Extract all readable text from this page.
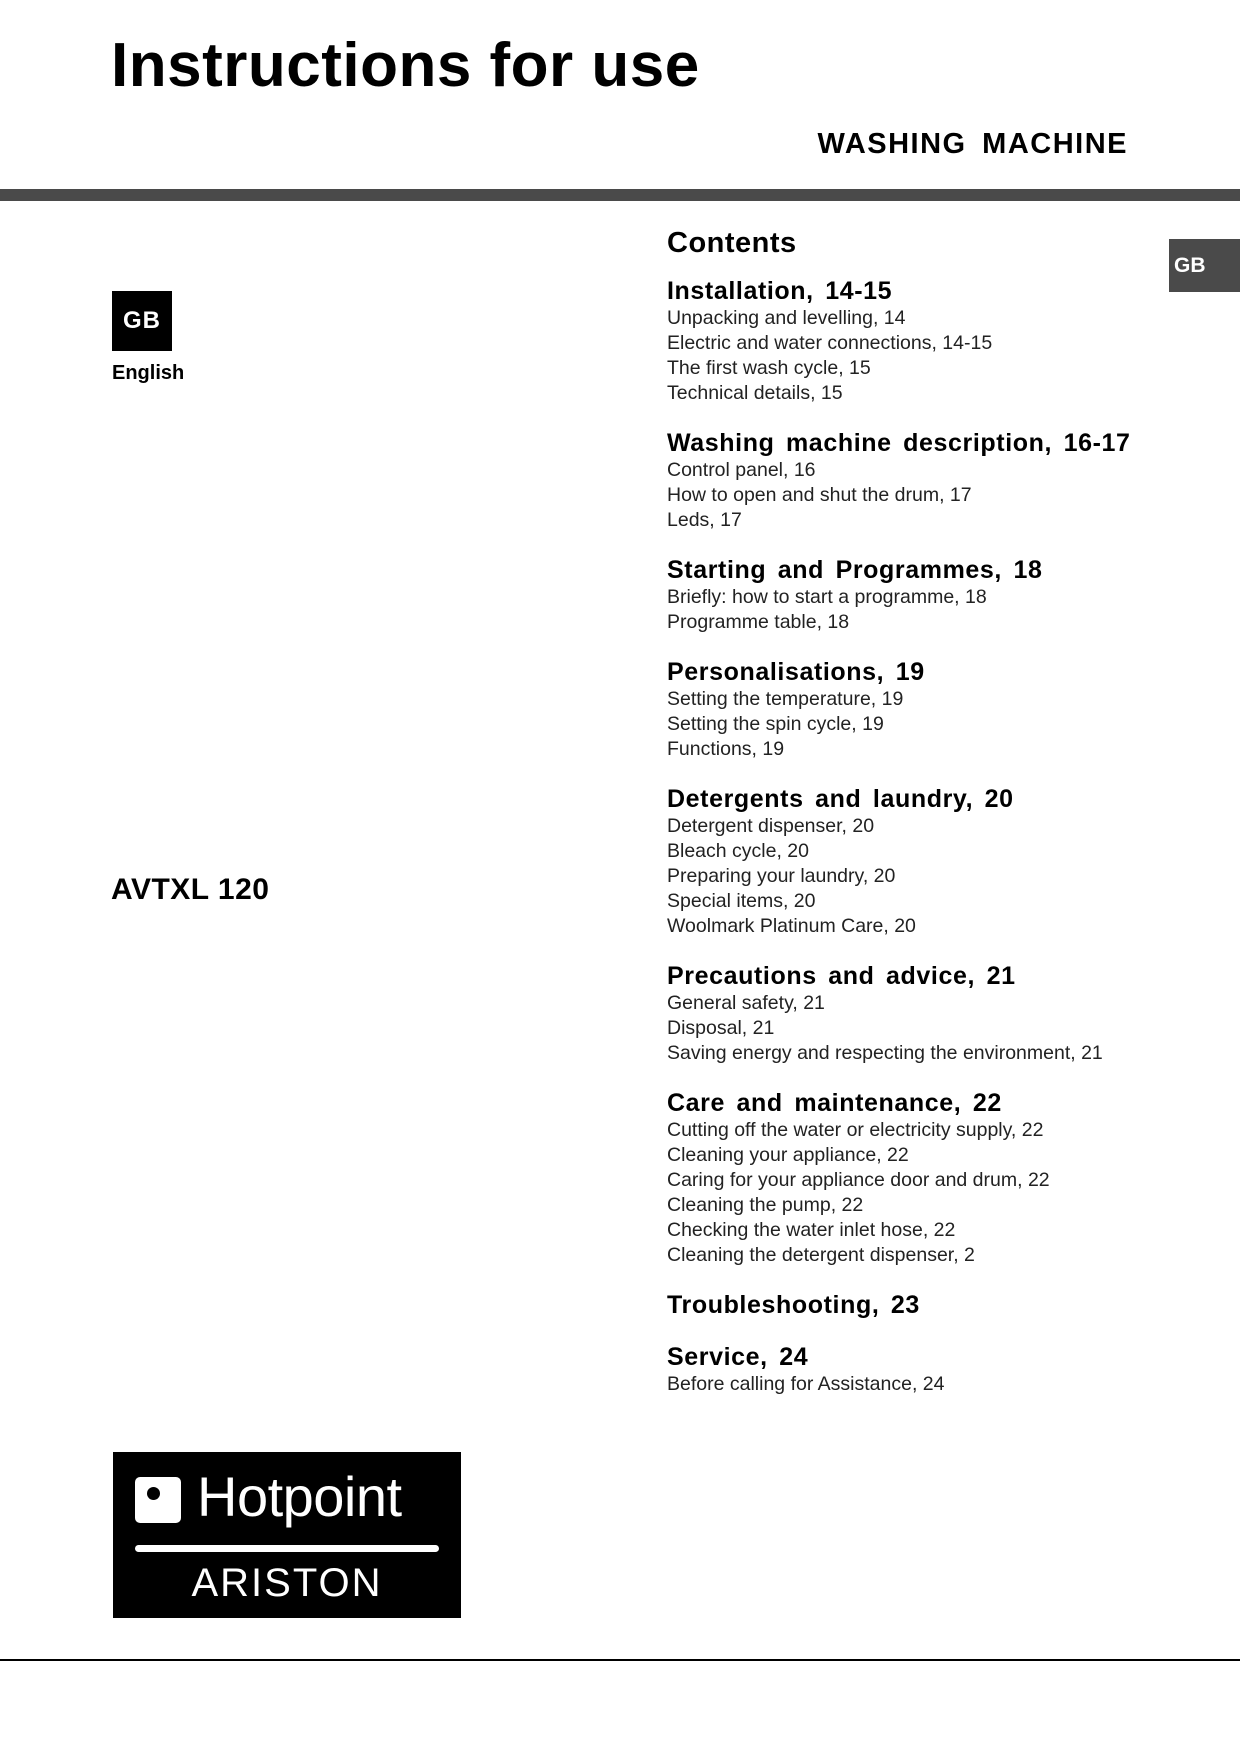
Instructions for use
WASHING MACHINE
GB
GB
English
AVTXL 120
Hotpoint
ARISTON
Contents
Installation, 14-15
Unpacking and levelling, 14
Electric and water connections, 14-15
The first wash cycle, 15
Technical details, 15
Washing machine description, 16-17
Control panel, 16
How to open and shut the drum, 17
Leds, 17
Starting and Programmes, 18
Briefly: how to start a programme, 18
Programme table, 18
Personalisations, 19
Setting the temperature, 19
Setting the spin cycle, 19
Functions, 19
Detergents and laundry, 20
Detergent dispenser, 20
Bleach cycle, 20
Preparing your laundry, 20
Special items, 20
Woolmark Platinum Care, 20
Precautions and advice, 21
General safety, 21
Disposal, 21
Saving energy and respecting the environment, 21
Care and maintenance, 22
Cutting off the water or electricity supply, 22
Cleaning your appliance, 22
Caring for your appliance door and drum, 22
Cleaning the pump, 22
Checking the water inlet hose, 22
Cleaning the detergent dispenser, 2
Troubleshooting, 23
Service, 24
Before calling for Assistance, 24
